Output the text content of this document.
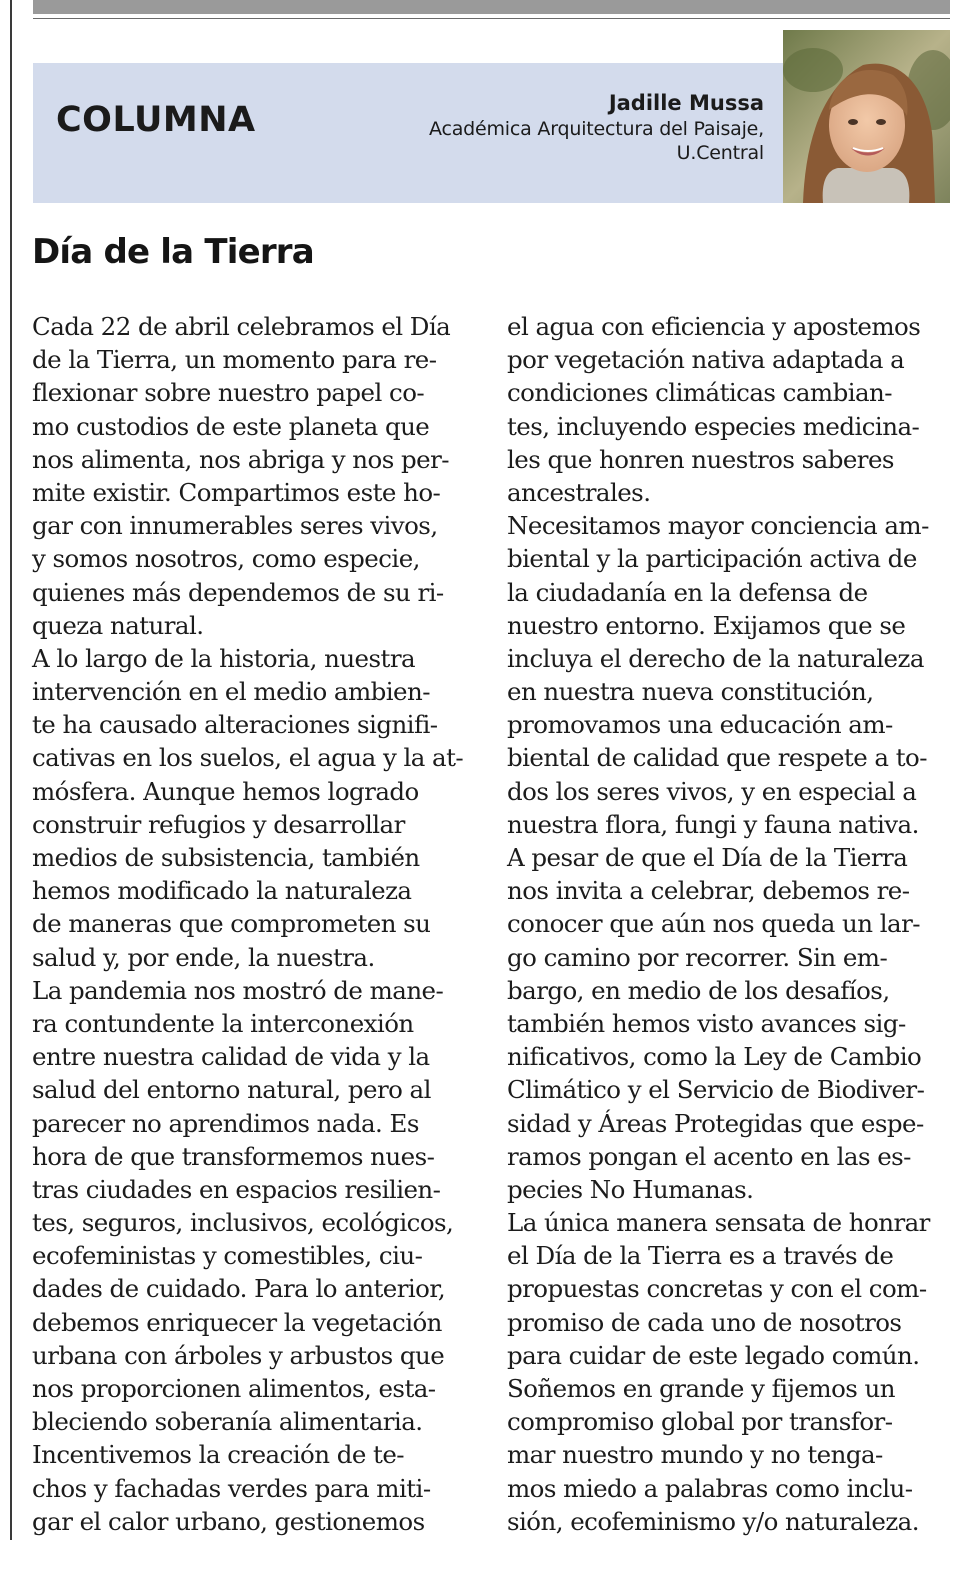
COLUMNA	Jadille Mussa
Académica Arquitectura del Paisaje,
U.Central
Día de la Tierra
Cada 22 de abril celebramos el Día
de la Tierra, un momento para re-
flexionar sobre nuestro papel co-
mo custodios de este planeta que
nos alimenta, nos abriga y nos per-
mite existir. Compartimos este ho-
gar con innumerables seres vivos,
y somos nosotros, como especie,
quienes más dependemos de su ri-
queza natural.
A lo largo de la historia, nuestra
intervención en el medio ambien-
te ha causado alteraciones signifi-
cativas en los suelos, el agua y la at-
mósfera. Aunque hemos logrado
construir refugios y desarrollar
medios de subsistencia, también
hemos modificado la naturaleza
de maneras que comprometen su
salud y, por ende, la nuestra.
La pandemia nos mostró de mane-
ra contundente la interconexión
entre nuestra calidad de vida y la
salud del entorno natural, pero al
parecer no aprendimos nada. Es
hora de que transformemos nues-
tras ciudades en espacios resilien-
tes, seguros, inclusivos, ecológicos,
ecofeministas y comestibles, ciu-
dades de cuidado. Para lo anterior,
debemos enriquecer la vegetación
urbana con árboles y arbustos que
nos proporcionen alimentos, esta-
bleciendo soberanía alimentaria.
Incentivemos la creación de te-
chos y fachadas verdes para miti-
gar el calor urbano, gestionemos
el agua con eficiencia y apostemos
por vegetación nativa adaptada a
condiciones climáticas cambian-
tes, incluyendo especies medicina-
les que honren nuestros saberes
ancestrales.
Necesitamos mayor conciencia am-
biental y la participación activa de
la ciudadanía en la defensa de
nuestro entorno. Exijamos que se
incluya el derecho de la naturaleza
en nuestra nueva constitución,
promovamos una educación am-
biental de calidad que respete a to-
dos los seres vivos, y en especial a
nuestra flora, fungi y fauna nativa.
A pesar de que el Día de la Tierra
nos invita a celebrar, debemos re-
conocer que aún nos queda un lar-
go camino por recorrer. Sin em-
bargo, en medio de los desafíos,
también hemos visto avances sig-
nificativos, como la Ley de Cambio
Climático y el Servicio de Biodiver-
sidad y Áreas Protegidas que espe-
ramos pongan el acento en las es-
pecies No Humanas.
La única manera sensata de honrar
el Día de la Tierra es a través de
propuestas concretas y con el com-
promiso de cada uno de nosotros
para cuidar de este legado común.
Soñemos en grande y fijemos un
compromiso global por transfor-
mar nuestro mundo y no tenga-
mos miedo a palabras como inclu-
sión, ecofeminismo y/o naturaleza.
